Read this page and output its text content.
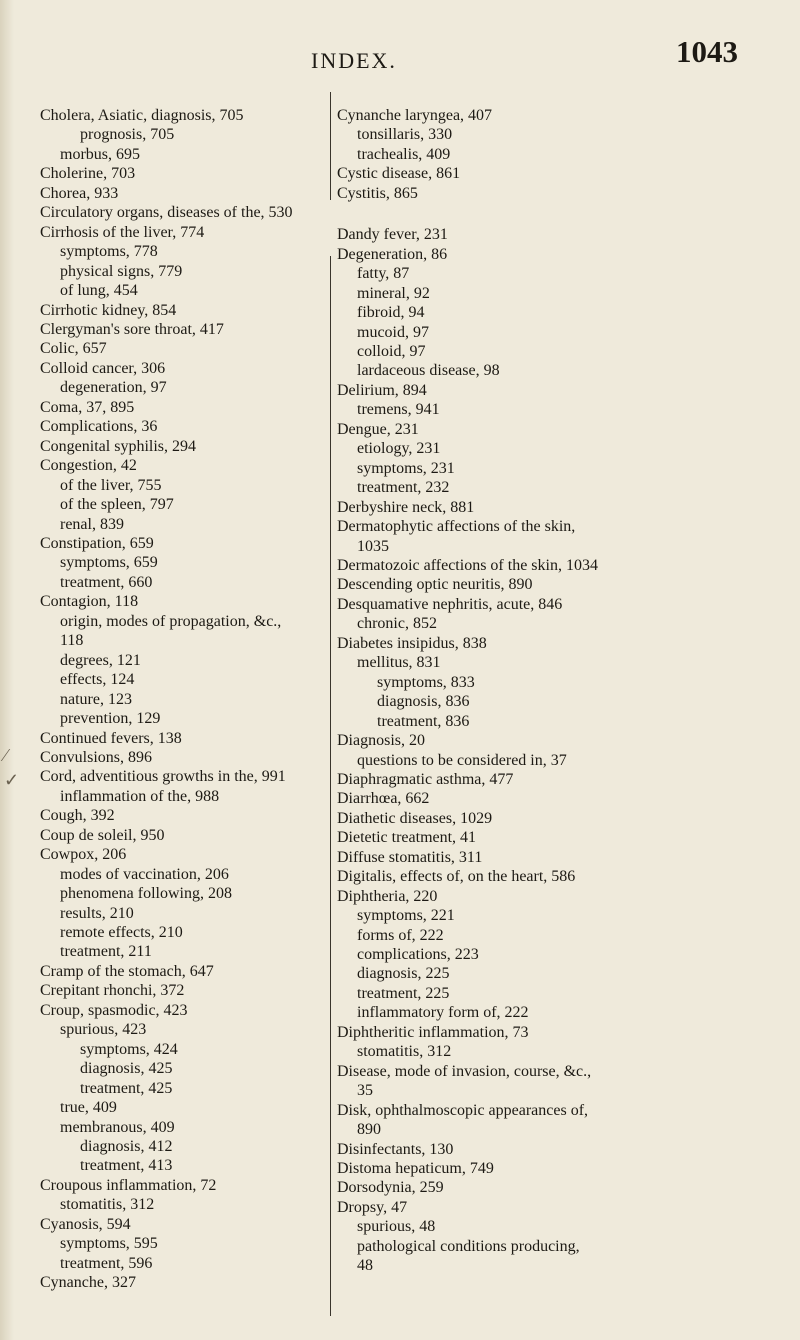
INDEX.	1043
⁄
✓
Cholera, Asiatic, diagnosis, 705
prognosis, 705
morbus, 695
Cholerine, 703
Chorea, 933
Circulatory organs, diseases of the, 530
Cirrhosis of the liver, 774
symptoms, 778
physical signs, 779
of lung, 454
Cirrhotic kidney, 854
Clergyman's sore throat, 417
Colic, 657
Colloid cancer, 306
degeneration, 97
Coma, 37, 895
Complications, 36
Congenital syphilis, 294
Congestion, 42
of the liver, 755
of the spleen, 797
renal, 839
Constipation, 659
symptoms, 659
treatment, 660
Contagion, 118
origin, modes of propagation, &c.,
118
degrees, 121
effects, 124
nature, 123
prevention, 129
Continued fevers, 138
Convulsions, 896
Cord, adventitious growths in the, 991
inflammation of the, 988
Cough, 392
Coup de soleil, 950
Cowpox, 206
modes of vaccination, 206
phenomena following, 208
results, 210
remote effects, 210
treatment, 211
Cramp of the stomach, 647
Crepitant rhonchi, 372
Croup, spasmodic, 423
spurious, 423
symptoms, 424
diagnosis, 425
treatment, 425
true, 409
membranous, 409
diagnosis, 412
treatment, 413
Croupous inflammation, 72
stomatitis, 312
Cyanosis, 594
symptoms, 595
treatment, 596
Cynanche, 327
Cynanche laryngea, 407
tonsillaris, 330
trachealis, 409
Cystic disease, 861
Cystitis, 865
Dandy fever, 231
Degeneration, 86
fatty, 87
mineral, 92
fibroid, 94
mucoid, 97
colloid, 97
lardaceous disease, 98
Delirium, 894
tremens, 941
Dengue, 231
etiology, 231
symptoms, 231
treatment, 232
Derbyshire neck, 881
Dermatophytic affections of the skin,
1035
Dermatozoic affections of the skin, 1034
Descending optic neuritis, 890
Desquamative nephritis, acute, 846
chronic, 852
Diabetes insipidus, 838
mellitus, 831
symptoms, 833
diagnosis, 836
treatment, 836
Diagnosis, 20
questions to be considered in, 37
Diaphragmatic asthma, 477
Diarrhœa, 662
Diathetic diseases, 1029
Dietetic treatment, 41
Diffuse stomatitis, 311
Digitalis, effects of, on the heart, 586
Diphtheria, 220
symptoms, 221
forms of, 222
complications, 223
diagnosis, 225
treatment, 225
inflammatory form of, 222
Diphtheritic inflammation, 73
stomatitis, 312
Disease, mode of invasion, course, &c.,
35
Disk, ophthalmoscopic appearances of,
890
Disinfectants, 130
Distoma hepaticum, 749
Dorsodynia, 259
Dropsy, 47
spurious, 48
pathological conditions producing,
48
